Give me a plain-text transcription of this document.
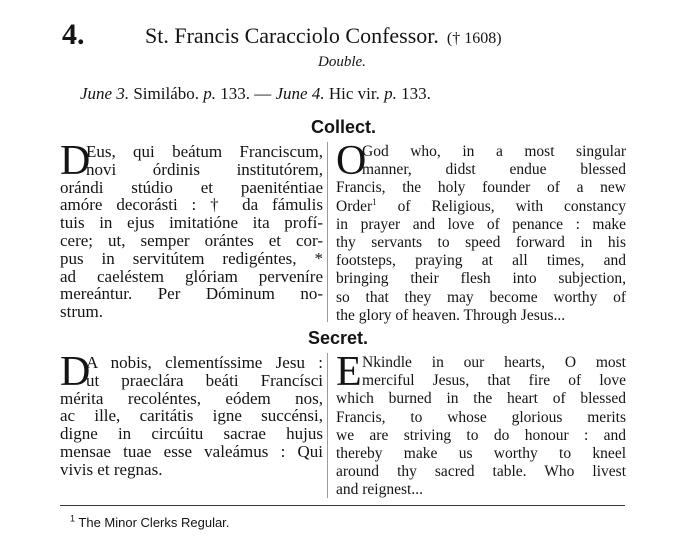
4.	St. Francis Caracciolo Confessor. († 1608)
Double.
June 3. Similábo. p. 133. — June 4. Hic vir. p. 133.
Collect.
D
Eus, qui beátum Franciscum,
novi órdinis institutórem,
orándi stúdio et paeniténtiae
amóre decorásti : † da fámulis
tuis in ejus imitatióne ita profí-
cere; ut, semper orántes et cor-
pus in servitútem redigéntes, *
ad caeléstem glóriam perveníre
mereántur. Per Dóminum no-
strum.
O
God who, in a most singular
manner, didst endue blessed
Francis, the holy founder of a new
Order$^1$ of Religious, with constancy
in prayer and love of penance : make
thy servants to speed forward in his
footsteps, praying at all times, and
bringing their flesh into subjection,
so that they may become worthy of
the glory of heaven. Through Jesus...
Secret.
D
A nobis, clementíssime Jesu :
ut praeclára beáti Francísci
mérita recoléntes, eódem nos,
ac ille, caritátis igne succénsi,
digne in circúitu sacrae hujus
mensae tuae esse valeámus : Qui
vivis et regnas.
E Nkindle in our hearts, O most
merciful Jesus, that fire of love
which burned in the heart of blessed
Francis, to whose glorious merits
we are striving to do honour : and
thereby make us worthy to kneel
around thy sacred table. Who livest
and reignest...
$^1$ The Minor Clerks Regular.
